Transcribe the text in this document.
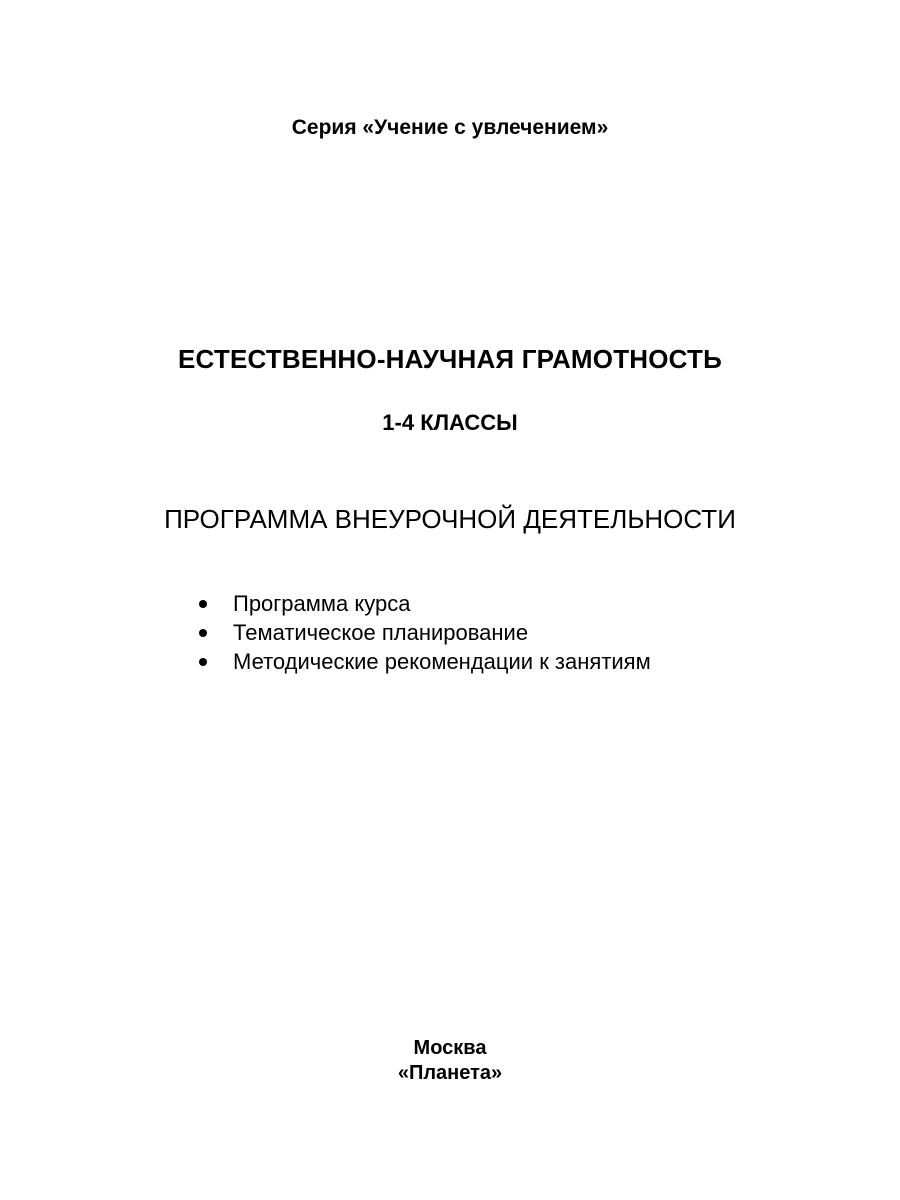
Серия «Учение с увлечением»
ЕСТЕСТВЕННО-НАУЧНАЯ ГРАМОТНОСТЬ
1-4 КЛАССЫ
ПРОГРАММА ВНЕУРОЧНОЙ ДЕЯТЕЛЬНОСТИ
Программа курса
Тематическое планирование
Методические рекомендации к занятиям
Москва
«Планета»
